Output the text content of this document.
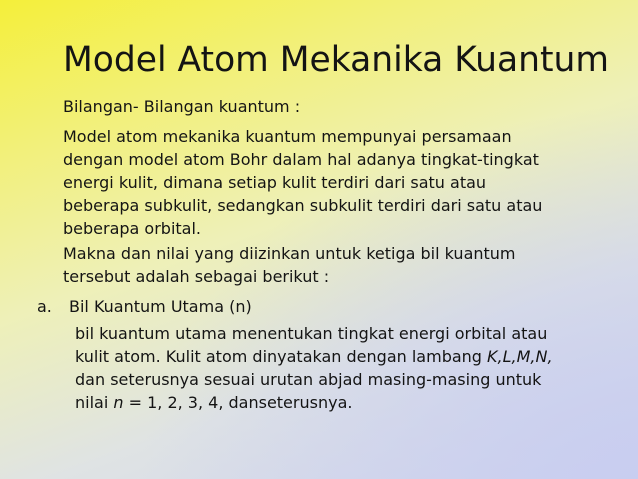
Model Atom Mekanika Kuantum

Bilangan- Bilangan kuantum :

Model atom mekanika kuantum mempunyai persamaan
dengan model atom Bohr dalam hal adanya tingkat-tingkat
energi kulit, dimana setiap kulit terdiri dari satu atau
beberapa subkulit, sedangkan subkulit terdiri dari satu atau
beberapa orbital.

Makna dan nilai yang diizinkan untuk ketiga bil kuantum
tersebut adalah sebagai berikut :

a. Bil Kuantum Utama (n)

bil kuantum utama menentukan tingkat energi orbital atau
kulit atom. Kulit atom dinyatakan dengan lambang K,L,M,N,
dan seterusnya sesuai urutan abjad masing-masing untuk
nilai n = 1, 2, 3, 4, danseterusnya.
